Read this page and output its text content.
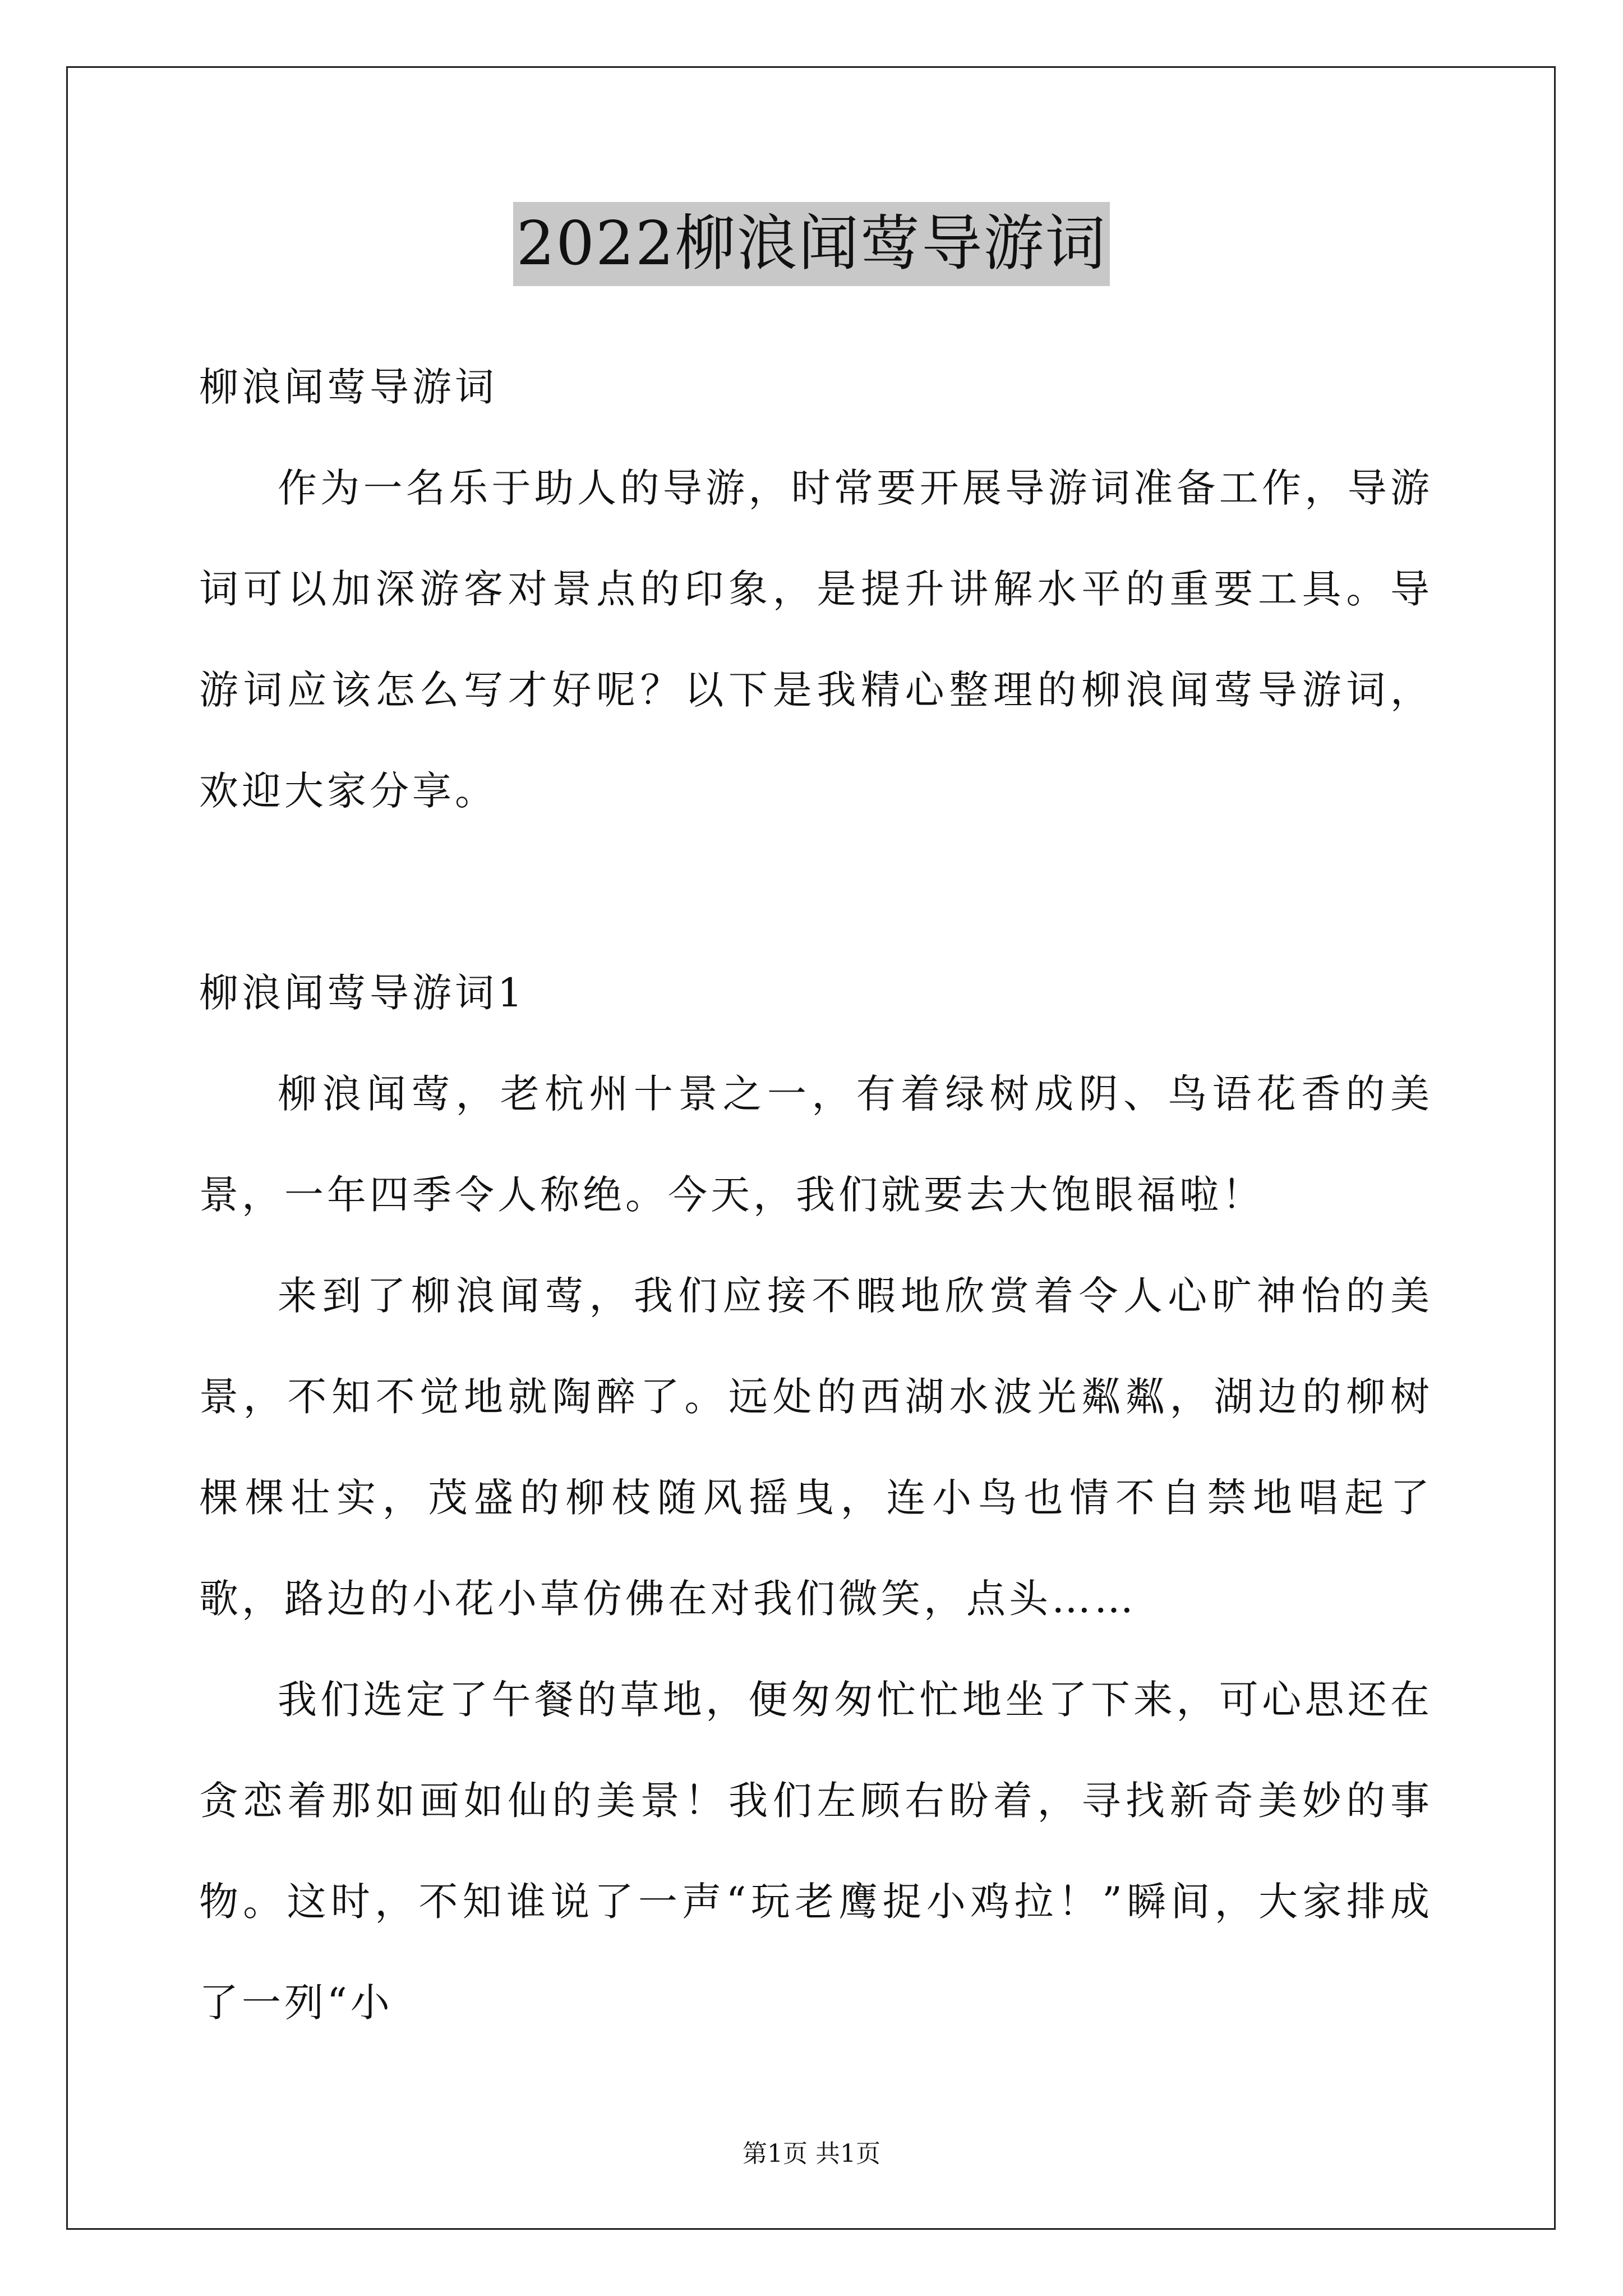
2022柳浪闻莺导游词

柳浪闻莺导游词

作为一名乐于助人的导游，时常要开展导游词准备工作，导游词可以加深游客对景点的印象，是提升讲解水平的重要工具。导游词应该怎么写才好呢？以下是我精心整理的柳浪闻莺导游词，欢迎大家分享。

柳浪闻莺导游词1

柳浪闻莺，老杭州十景之一，有着绿树成阴、鸟语花香的美景，一年四季令人称绝。今天，我们就要去大饱眼福啦！

来到了柳浪闻莺，我们应接不暇地欣赏着令人心旷神怡的美景，不知不觉地就陶醉了。远处的西湖水波光粼粼，湖边的柳树棵棵壮实，茂盛的柳枝随风摇曳，连小鸟也情不自禁地唱起了歌，路边的小花小草仿佛在对我们微笑，点头……

我们选定了午餐的草地，便匆匆忙忙地坐了下来，可心思还在贪恋着那如画如仙的美景！我们左顾右盼着，寻找新奇美妙的事物。这时，不知谁说了一声“玩老鹰捉小鸡拉！”瞬间，大家排成了一列“小

第1页 共1页
